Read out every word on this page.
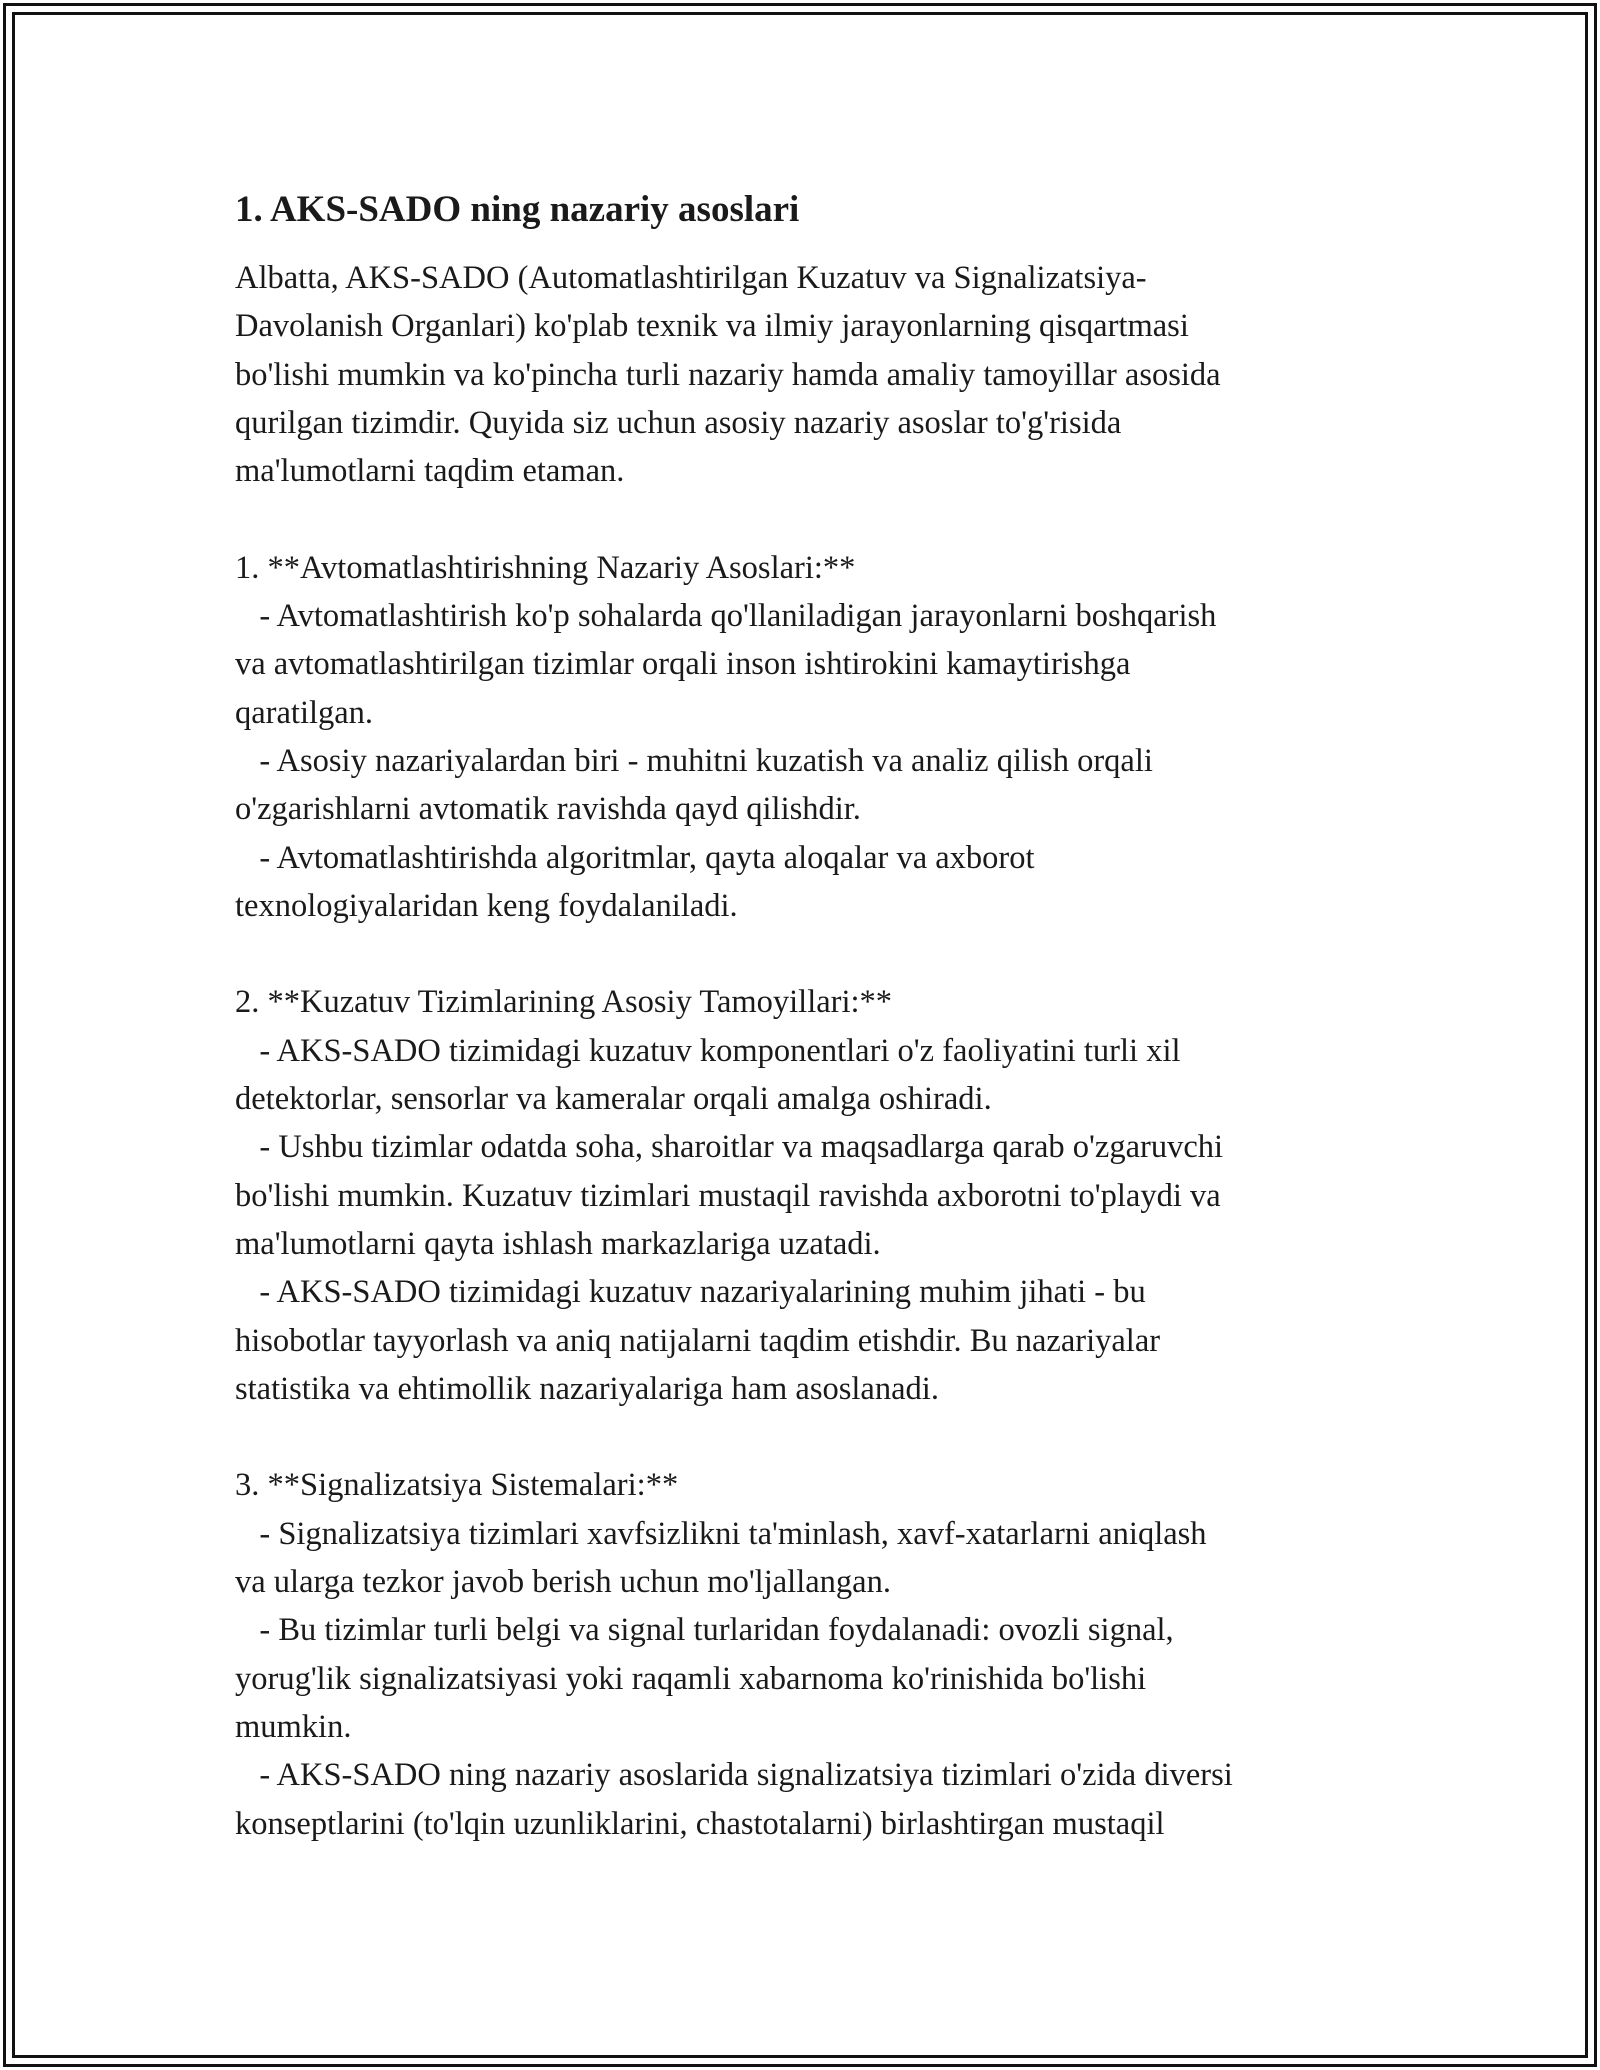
1. AKS-SADO ning nazariy asoslari

Albatta, AKS-SADO (Automatlashtirilgan Kuzatuv va Signalizatsiya-
Davolanish Organlari) ko'plab texnik va ilmiy jarayonlarning qisqartmasi
bo'lishi mumkin va ko'pincha turli nazariy hamda amaliy tamoyillar asosida
qurilgan tizimdir. Quyida siz uchun asosiy nazariy asoslar to'g'risida
ma'lumotlarni taqdim etaman.

1. **Avtomatlashtirishning Nazariy Asoslari:**

- Avtomatlashtirish ko'p sohalarda qo'llaniladigan jarayonlarni boshqarish
va avtomatlashtirilgan tizimlar orqali inson ishtirokini kamaytirishga
qaratilgan.

- Asosiy nazariyalardan biri - muhitni kuzatish va analiz qilish orqali
o'zgarishlarni avtomatik ravishda qayd qilishdir.

- Avtomatlashtirishda algoritmlar, qayta aloqalar va axborot
texnologiyalaridan keng foydalaniladi.

2. **Kuzatuv Tizimlarining Asosiy Tamoyillari:**

- AKS-SADO tizimidagi kuzatuv komponentlari o'z faoliyatini turli xil
detektorlar, sensorlar va kameralar orqali amalga oshiradi.

- Ushbu tizimlar odatda soha, sharoitlar va maqsadlarga qarab o'zgaruvchi
bo'lishi mumkin. Kuzatuv tizimlari mustaqil ravishda axborotni to'playdi va
ma'lumotlarni qayta ishlash markazlariga uzatadi.

- AKS-SADO tizimidagi kuzatuv nazariyalarining muhim jihati - bu
hisobotlar tayyorlash va aniq natijalarni taqdim etishdir. Bu nazariyalar
statistika va ehtimollik nazariyalariga ham asoslanadi.

3. **Signalizatsiya Sistemalari:**

- Signalizatsiya tizimlari xavfsizlikni ta'minlash, xavf-xatarlarni aniqlash
va ularga tezkor javob berish uchun mo'ljallangan.

- Bu tizimlar turli belgi va signal turlaridan foydalanadi: ovozli signal,
yorug'lik signalizatsiyasi yoki raqamli xabarnoma ko'rinishida bo'lishi
mumkin.

- AKS-SADO ning nazariy asoslarida signalizatsiya tizimlari o'zida diversi
konseptlarini (to'lqin uzunliklarini, chastotalarni) birlashtirgan mustaqil
